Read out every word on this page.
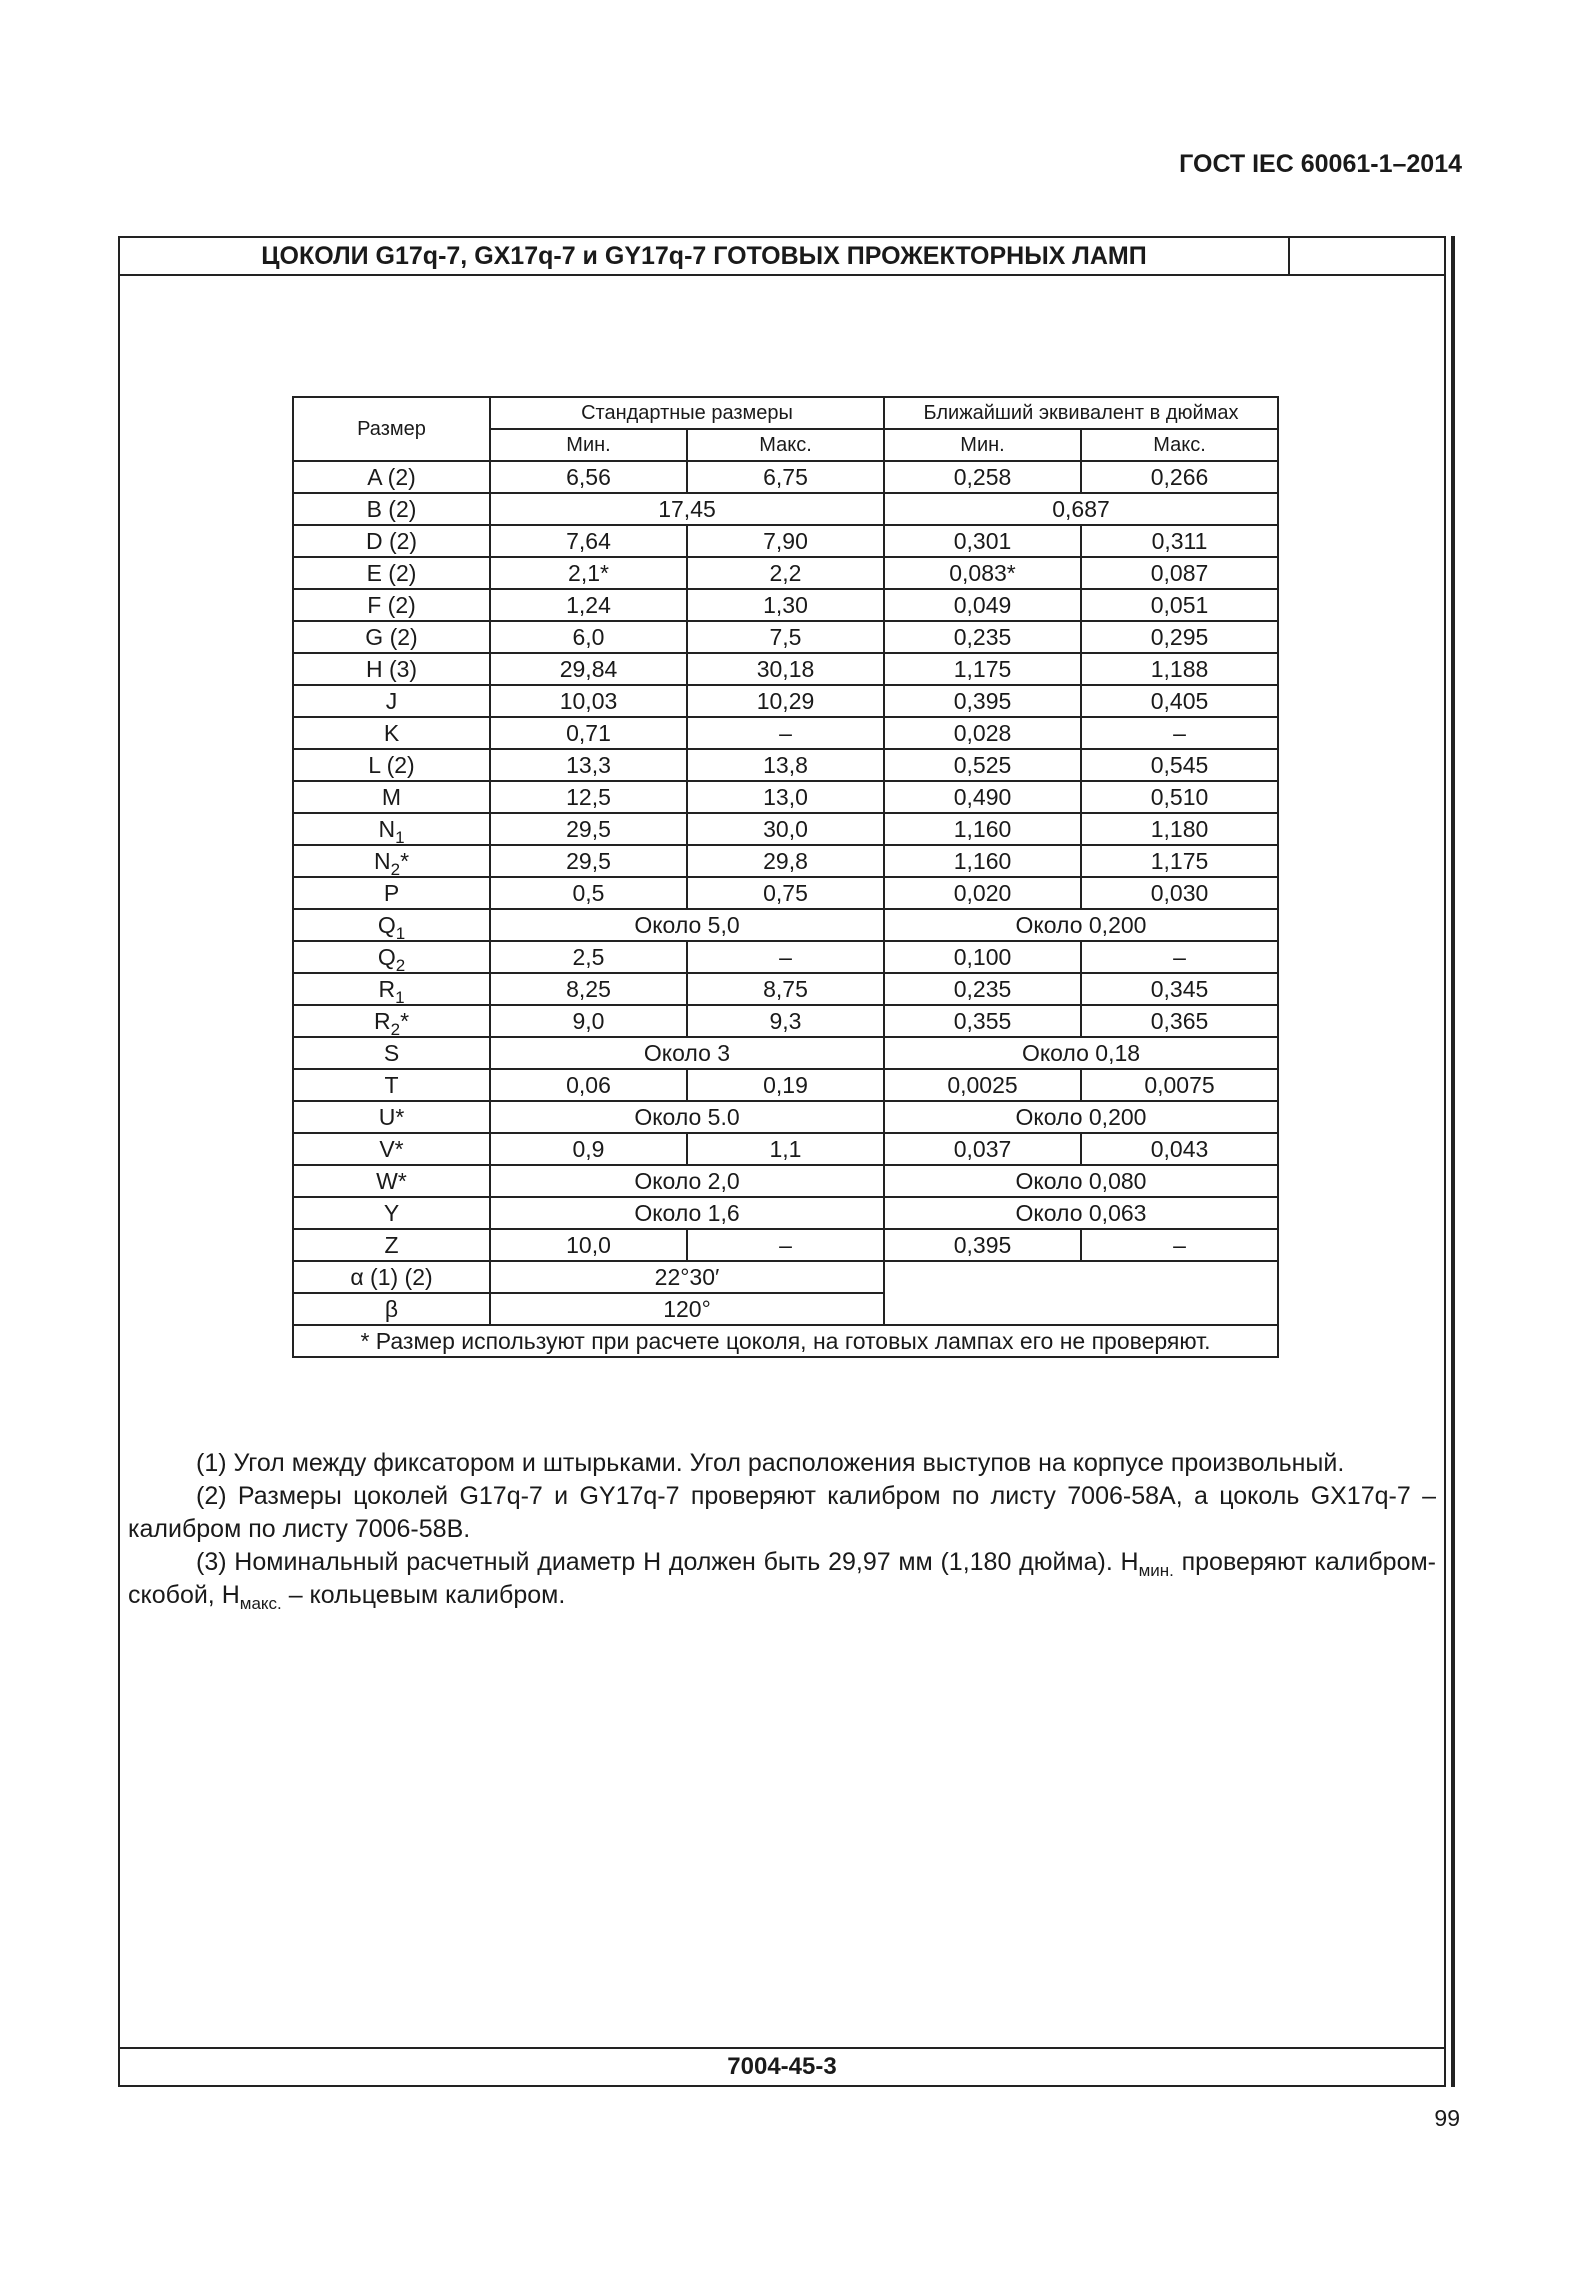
ГОСТ IEC 60061-1–2014
ЦОКОЛИ G17q-7, GX17q-7 и GY17q-7 ГОТОВЫХ ПРОЖЕКТОРНЫХ ЛАМП
Размер	Стандартные размеры		Ближайший эквивалент в дюймах	
	Мин.	Макс.	Мин.	Макс.
A (2)	6,56	6,75	0,258	0,266
B (2)	17,45		0,687	
D (2)	7,64	7,90	0,301	0,311
E (2)	2,1*	2,2	0,083*	0,087
F (2)	1,24	1,30	0,049	0,051
G (2)	6,0	7,5	0,235	0,295
H (3)	29,84	30,18	1,175	1,188
J	10,03	10,29	0,395	0,405
K	0,71	–	0,028	–
L (2)	13,3	13,8	0,525	0,545
M	12,5	13,0	0,490	0,510
$N_1$	29,5	30,0	1,160	1,180
$N_2*$	29,5	29,8	1,160	1,175
P	0,5	0,75	0,020	0,030
$Q_1$	Около 5,0		Около 0,200	
$Q_2$	2,5	–	0,100	–
$R_1$	8,25	8,75	0,235	0,345
$R_2*$	9,0	9,3	0,355	0,365
S	Около 3		Около 0,18	
T	0,06	0,19	0,0025	0,0075
U*	Около 5.0		Около 0,200	
V*	0,9	1,1	0,037	0,043
W*	Около 2,0		Около 0,080	
Y	Около 1,6		Около 0,063	
Z	10,0	–	0,395	–
α (1) (2)	22°30′			
β	120°			
* Размер используют при расчете цоколя, на готовых лампах его не проверяют.				
7004-45-3

(1) Угол между фиксатором и штырьками. Угол расположения выступов на корпусе произвольный.

(2) Размеры цоколей G17q-7 и GY17q-7 проверяют калибром по листу 7006-58A, а цоколь GX17q-7 – калибром по листу 7006-58B.

(3) Номинальный расчетный диаметр H должен быть 29,97 мм (1,180 дюйма). $H_{мин.}$ проверяют калибром-скобой, $H_{макс.}$ – кольцевым калибром.

99
